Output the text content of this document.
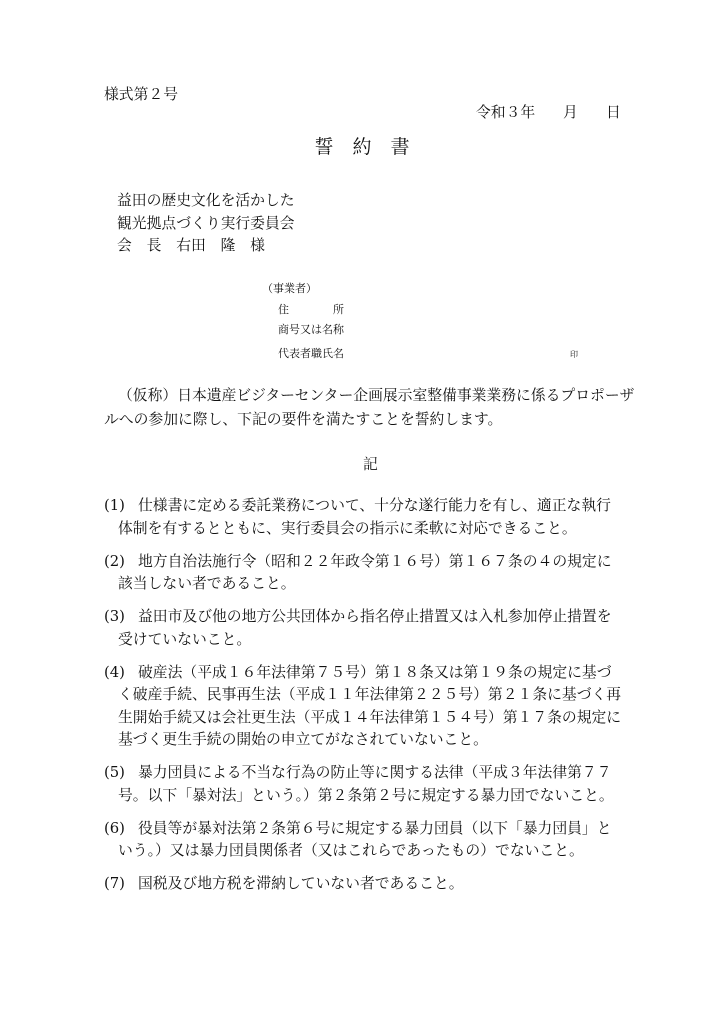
様式第２号
令和３年 月 日
誓　約　書
益田の歴史文化を活かした
観光拠点づくり実行委員会
会　長　右田　隆　様
（事業者）
住　　　　所
商号又は名称
代表者職氏名	印
（仮称）日本遺産ビジターセンター企画展示室整備事業業務に係るプロポーザ
ルへの参加に際し、下記の要件を満たすことを誓約します。
記
(1) 仕様書に定める委託業務について、十分な遂行能力を有し、適正な執行
体制を有するとともに、実行委員会の指示に柔軟に対応できること。
(2) 地方自治法施行令（昭和２２年政令第１６号）第１６７条の４の規定に
該当しない者であること。
(3) 益田市及び他の地方公共団体から指名停止措置又は入札参加停止措置を
受けていないこと。
(4) 破産法（平成１６年法律第７５号）第１８条又は第１９条の規定に基づ
く破産手続、民事再生法（平成１１年法律第２２５号）第２１条に基づく再
生開始手続又は会社更生法（平成１４年法律第１５４号）第１７条の規定に
基づく更生手続の開始の申立てがなされていないこと。
(5) 暴力団員による不当な行為の防止等に関する法律（平成３年法律第７７
号。以下「暴対法」という。）第２条第２号に規定する暴力団でないこと。
(6) 役員等が暴対法第２条第６号に規定する暴力団員（以下「暴力団員」と
いう。）又は暴力団員関係者（又はこれらであったもの）でないこと。
(7) 国税及び地方税を滞納していない者であること。
